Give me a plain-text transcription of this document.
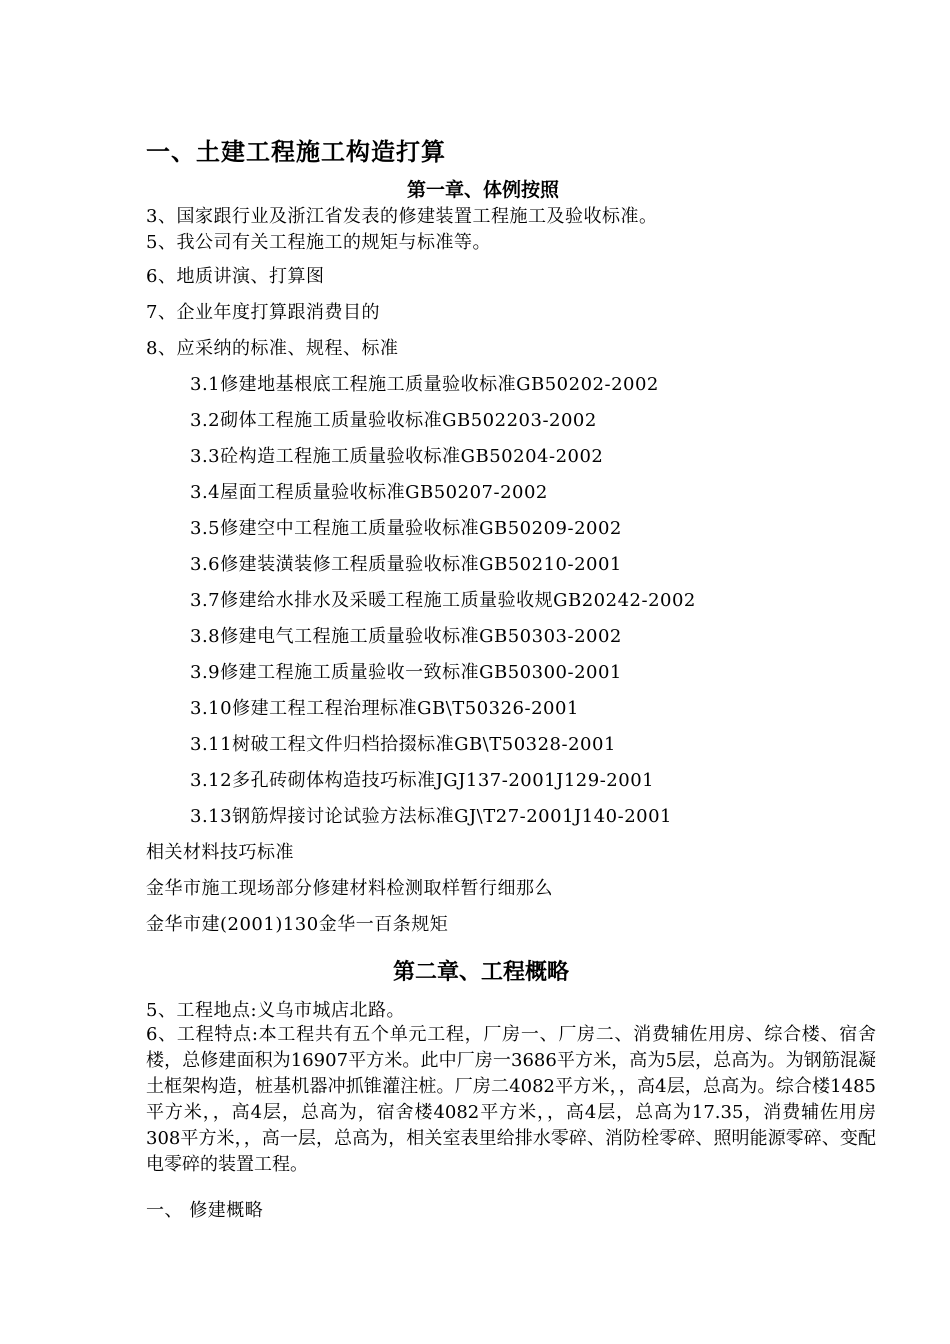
一、土建工程施工构造打算
第一章、体例按照
3、国家跟行业及浙江省发表的修建装置工程施工及验收标准。
5、我公司有关工程施工的规矩与标准等。
6、地质讲演、打算图
7、企业年度打算跟消费目的
8、应采纳的标准、规程、标准
3.1修建地基根底工程施工质量验收标准GB50202-2002
3.2砌体工程施工质量验收标准GB502203-2002
3.3砼构造工程施工质量验收标准GB50204-2002
3.4屋面工程质量验收标准GB50207-2002
3.5修建空中工程施工质量验收标准GB50209-2002
3.6修建装潢装修工程质量验收标准GB50210-2001
3.7修建给水排水及采暖工程施工质量验收规GB20242-2002
3.8修建电气工程施工质量验收标准GB50303-2002
3.9修建工程施工质量验收一致标准GB50300-2001
3.10修建工程工程治理标准GB\T50326-2001
3.11树破工程文件归档拾掇标准GB\T50328-2001
3.12多孔砖砌体构造技巧标准JGJ137-2001J129-2001
3.13钢筋焊接讨论试验方法标准GJ\T27-2001J140-2001
相关材料技巧标准
金华市施工现场部分修建材料检测取样暂行细那么
金华市建(2001)130金华一百条规矩
第二章、工程概略
5、工程地点:义乌市城店北路。
6、工程特点:本工程共有五个单元工程，厂房一、厂房二、消费辅佐用房、综合楼、宿舍楼，总修建面积为16907平方米。此中厂房一3686平方米，高为5层，总高为。为钢筋混凝土框架构造，桩基机器冲抓锥灌注桩。厂房二4082平方米，，高4层，总高为。综合楼1485平方米，，高4层，总高为，宿舍楼4082平方米，，高4层，总高为17.35，消费辅佐用房308平方米，，高一层，总高为，相关室表里给排水零碎、消防栓零碎、照明能源零碎、变配电零碎的装置工程。
一、 修建概略
